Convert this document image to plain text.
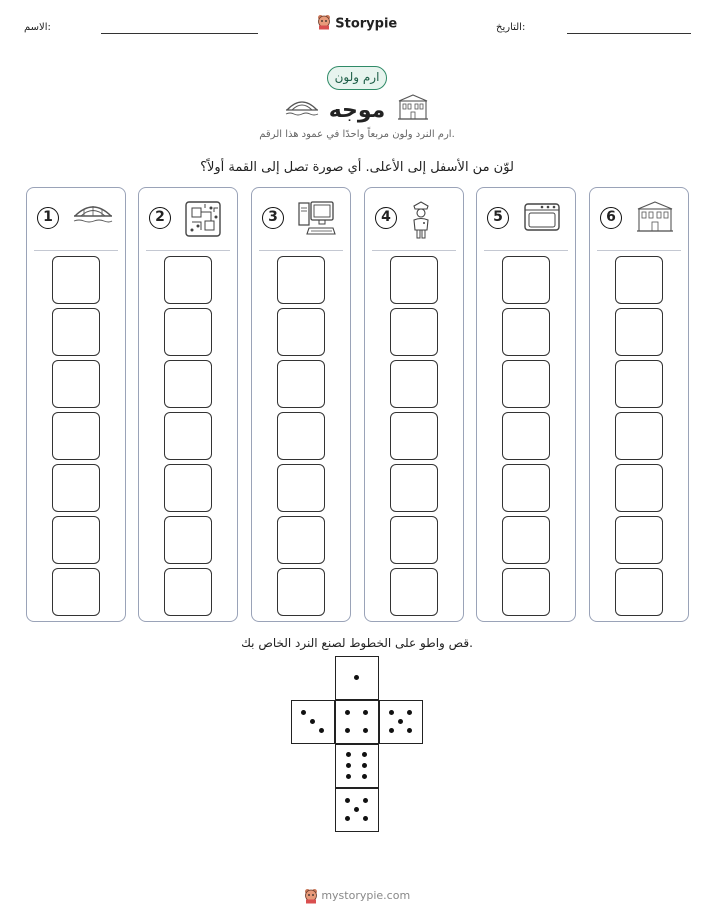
الاسم:	Storypie	التاريخ:
ارم ولون
موجه
ارم النرد ولون مربعاً واحدًا في عمود هذا الرقم.
لوّن من الأسفل إلى الأعلى. أي صورة تصل إلى القمة أولاً؟
1	2	3	4	5	6
قص واطو على الخطوط لصنع النرد الخاص بك.
mystorypie.com
